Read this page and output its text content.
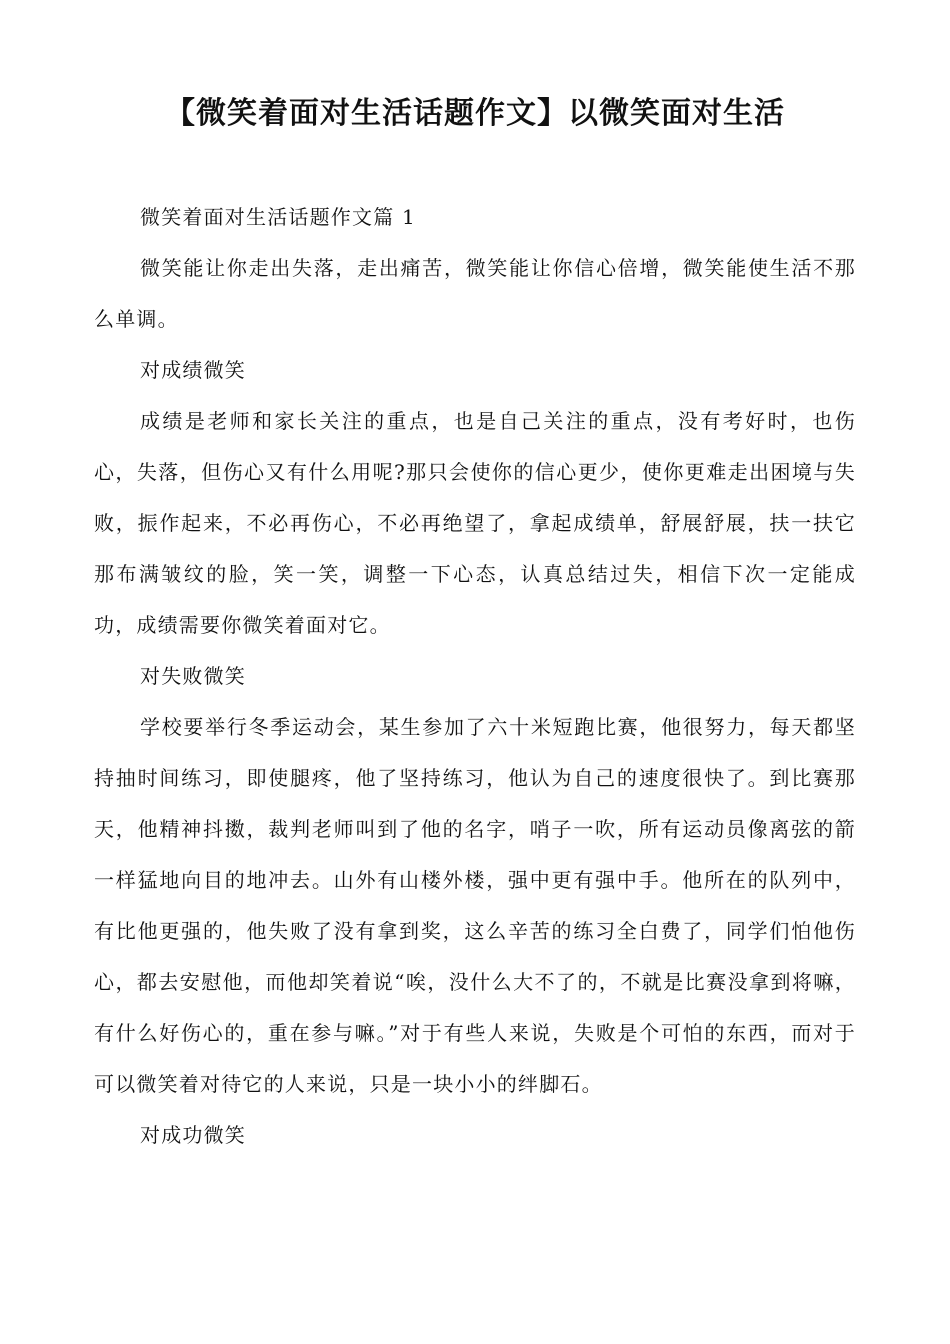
【微笑着面对生活话题作文】以微笑面对生活

微笑着面对生活话题作文篇 1

微笑能让你走出失落，走出痛苦，微笑能让你信心倍增，微笑能使生活不那么单调。

对成绩微笑

成绩是老师和家长关注的重点，也是自己关注的重点，没有考好时，也伤心，失落，但伤心又有什么用呢?那只会使你的信心更少，使你更难走出困境与失败，振作起来，不必再伤心，不必再绝望了，拿起成绩单，舒展舒展，扶一扶它那布满皱纹的脸，笑一笑，调整一下心态，认真总结过失，相信下次一定能成功，成绩需要你微笑着面对它。

对失败微笑

学校要举行冬季运动会，某生参加了六十米短跑比赛，他很努力，每天都坚持抽时间练习，即使腿疼，他了坚持练习，他认为自己的速度很快了。到比赛那天，他精神抖擞，裁判老师叫到了他的名字，哨子一吹，所有运动员像离弦的箭一样猛地向目的地冲去。山外有山楼外楼，强中更有强中手。他所在的队列中，有比他更强的，他失败了没有拿到奖，这么辛苦的练习全白费了，同学们怕他伤心，都去安慰他，而他却笑着说“唉，没什么大不了的，不就是比赛没拿到将嘛，有什么好伤心的，重在参与嘛。”对于有些人来说，失败是个可怕的东西，而对于可以微笑着对待它的人来说，只是一块小小的绊脚石。

对成功微笑
